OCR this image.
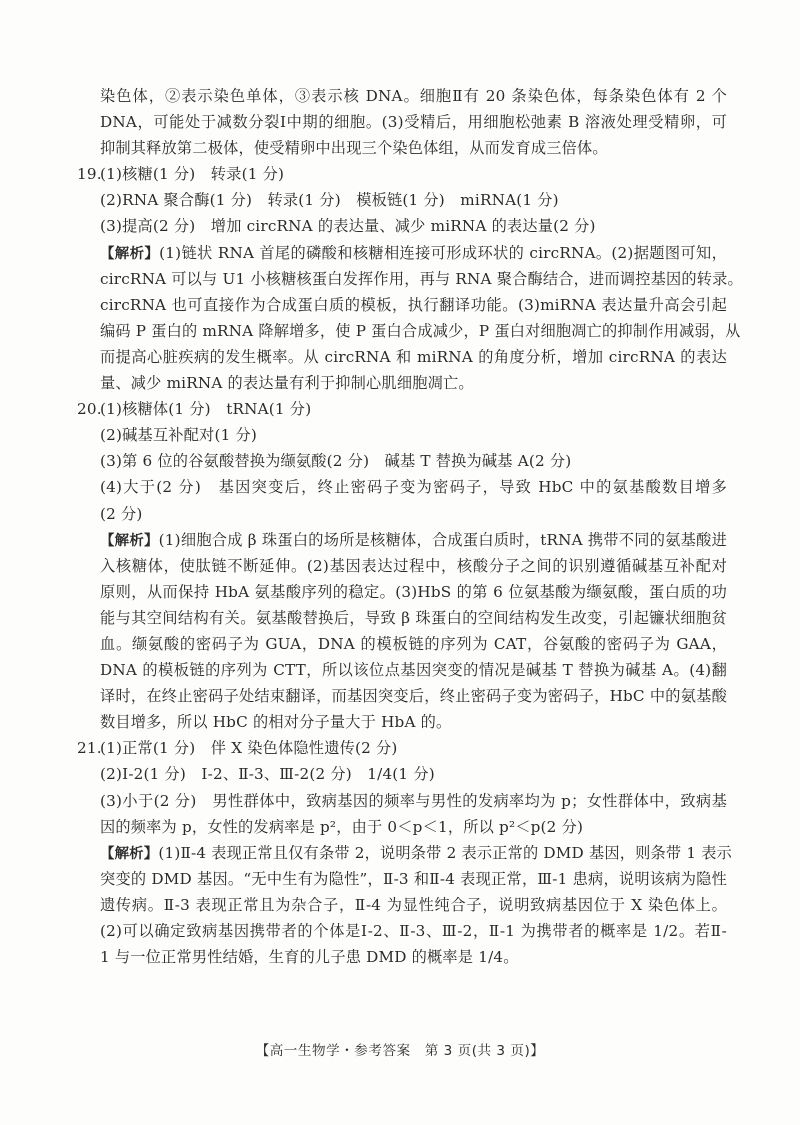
染色体，②表示染色单体，③表示核 DNA。细胞Ⅱ有 20 条染色体，每条染色体有 2 个
DNA，可能处于减数分裂Ⅰ中期的细胞。(3)受精后，用细胞松弛素 B 溶液处理受精卵，可
抑制其释放第二极体，使受精卵中出现三个染色体组，从而发育成三倍体。
19.(1)核糖(1 分)　转录(1 分)
(2)RNA 聚合酶(1 分)　转录(1 分)　模板链(1 分)　miRNA(1 分)
(3)提高(2 分)　增加 circRNA 的表达量、减少 miRNA 的表达量(2 分)
【解析】(1)链状 RNA 首尾的磷酸和核糖相连接可形成环状的 circRNA。(2)据题图可知，
circRNA 可以与 U1 小核糖核蛋白发挥作用，再与 RNA 聚合酶结合，进而调控基因的转录。
circRNA 也可直接作为合成蛋白质的模板，执行翻译功能。(3)miRNA 表达量升高会引起
编码 P 蛋白的 mRNA 降解增多，使 P 蛋白合成减少，P 蛋白对细胞凋亡的抑制作用减弱，从
而提高心脏疾病的发生概率。从 circRNA 和 miRNA 的角度分析，增加 circRNA 的表达
量、减少 miRNA 的表达量有利于抑制心肌细胞凋亡。
20.(1)核糖体(1 分)　tRNA(1 分)
(2)碱基互补配对(1 分)
(3)第 6 位的谷氨酸替换为缬氨酸(2 分)　碱基 T 替换为碱基 A(2 分)
(4)大于(2 分)　基因突变后，终止密码子变为密码子，导致 HbC 中的氨基酸数目增多
(2 分)
【解析】(1)细胞合成 β 珠蛋白的场所是核糖体，合成蛋白质时，tRNA 携带不同的氨基酸进
入核糖体，使肽链不断延伸。(2)基因表达过程中，核酸分子之间的识别遵循碱基互补配对
原则，从而保持 HbA 氨基酸序列的稳定。(3)HbS 的第 6 位氨基酸为缬氨酸，蛋白质的功
能与其空间结构有关。氨基酸替换后，导致 β 珠蛋白的空间结构发生改变，引起镰状细胞贫
血。缬氨酸的密码子为 GUA，DNA 的模板链的序列为 CAT，谷氨酸的密码子为 GAA，
DNA 的模板链的序列为 CTT，所以该位点基因突变的情况是碱基 T 替换为碱基 A。(4)翻
译时，在终止密码子处结束翻译，而基因突变后，终止密码子变为密码子，HbC 中的氨基酸
数目增多，所以 HbC 的相对分子量大于 HbA 的。
21.(1)正常(1 分)　伴 X 染色体隐性遗传(2 分)
(2)Ⅰ-2(1 分)　Ⅰ-2、Ⅱ-3、Ⅲ-2(2 分)　1/4(1 分)
(3)小于(2 分)　男性群体中，致病基因的频率与男性的发病率均为 p；女性群体中，致病基
因的频率为 p，女性的发病率是 p²，由于 0＜p＜1，所以 p²＜p(2 分)
【解析】(1)Ⅱ-4 表现正常且仅有条带 2，说明条带 2 表示正常的 DMD 基因，则条带 1 表示
突变的 DMD 基因。“无中生有为隐性”，Ⅱ-3 和Ⅱ-4 表现正常，Ⅲ-1 患病，说明该病为隐性
遗传病。Ⅱ-3 表现正常且为杂合子，Ⅱ-4 为显性纯合子，说明致病基因位于 X 染色体上。
(2)可以确定致病基因携带者的个体是Ⅰ-2、Ⅱ-3、Ⅲ-2，Ⅱ-1 为携带者的概率是 1/2。若Ⅱ-
1 与一位正常男性结婚，生育的儿子患 DMD 的概率是 1/4。
【高一生物学・参考答案　第 3 页(共 3 页)】
